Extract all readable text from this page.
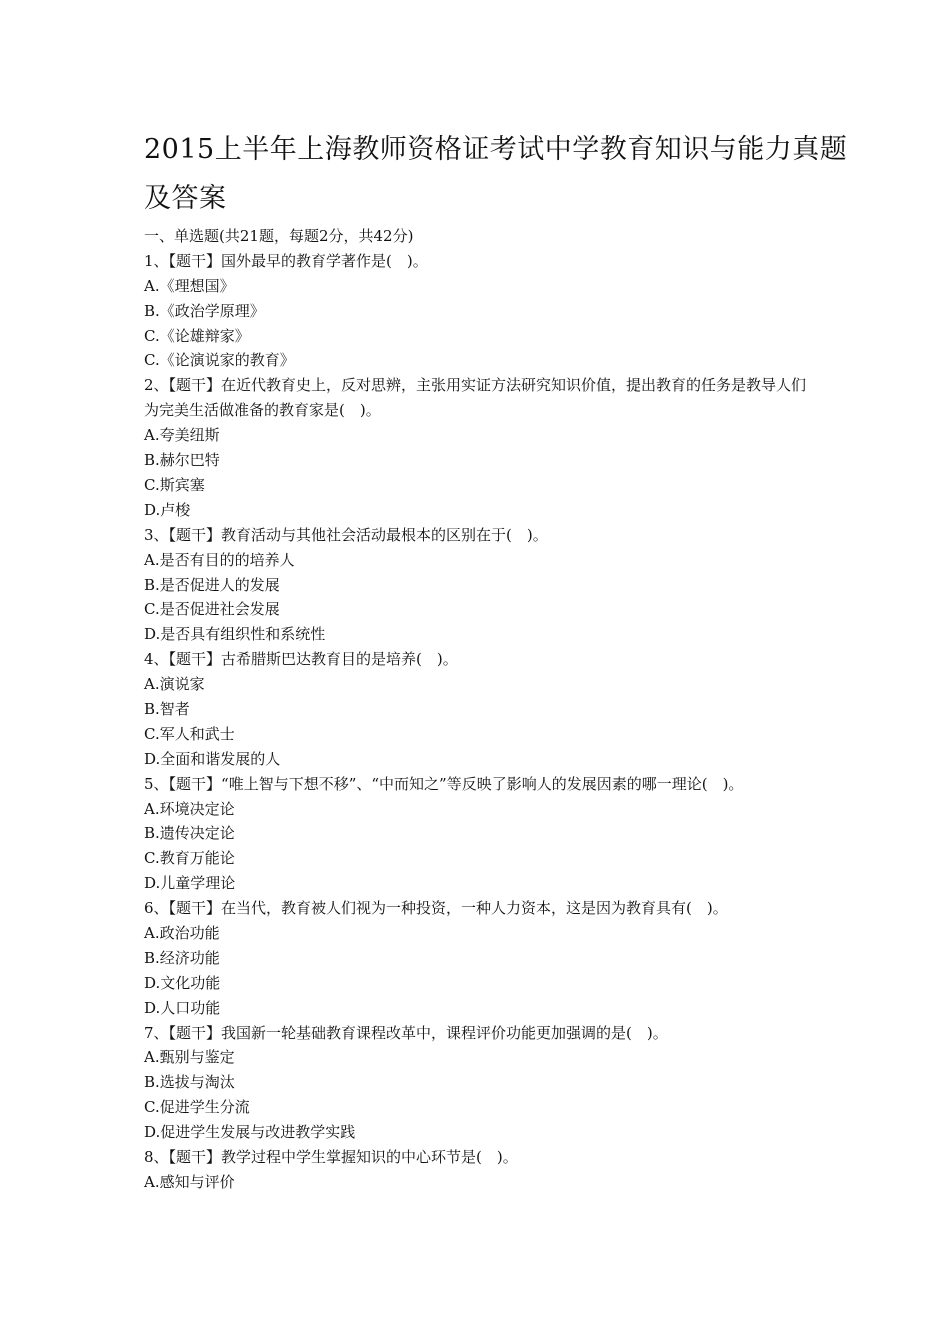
2015上半年上海教师资格证考试中学教育知识与能力真题
及答案
一、单选题(共21题，每题2分，共42分)
1、【题干】国外最早的教育学著作是(　)。
A.《理想国》
B.《政治学原理》
C.《论雄辩家》
C.《论演说家的教育》
2、【题干】在近代教育史上，反对思辨，主张用实证方法研究知识价值，提出教育的任务是教导人们为完美生活做准备的教育家是(　)。
A.夸美纽斯
B.赫尔巴特
C.斯宾塞
D.卢梭
3、【题干】教育活动与其他社会活动最根本的区别在于(　)。
A.是否有目的的培养人
B.是否促进人的发展
C.是否促进社会发展
D.是否具有组织性和系统性
4、【题干】古希腊斯巴达教育目的是培养(　)。
A.演说家
B.智者
C.军人和武士
D.全面和谐发展的人
5、【题干】“唯上智与下想不移”、“中而知之”等反映了影响人的发展因素的哪一理论(　)。
A.环境决定论
B.遗传决定论
C.教育万能论
D.儿童学理论
6、【题干】在当代，教育被人们视为一种投资，一种人力资本，这是因为教育具有(　)。
A.政治功能
B.经济功能
D.文化功能
D.人口功能
7、【题干】我国新一轮基础教育课程改革中，课程评价功能更加强调的是(　)。
A.甄别与鉴定
B.选拔与淘汰
C.促进学生分流
D.促进学生发展与改进教学实践
8、【题干】教学过程中学生掌握知识的中心环节是(　)。
A.感知与评价
